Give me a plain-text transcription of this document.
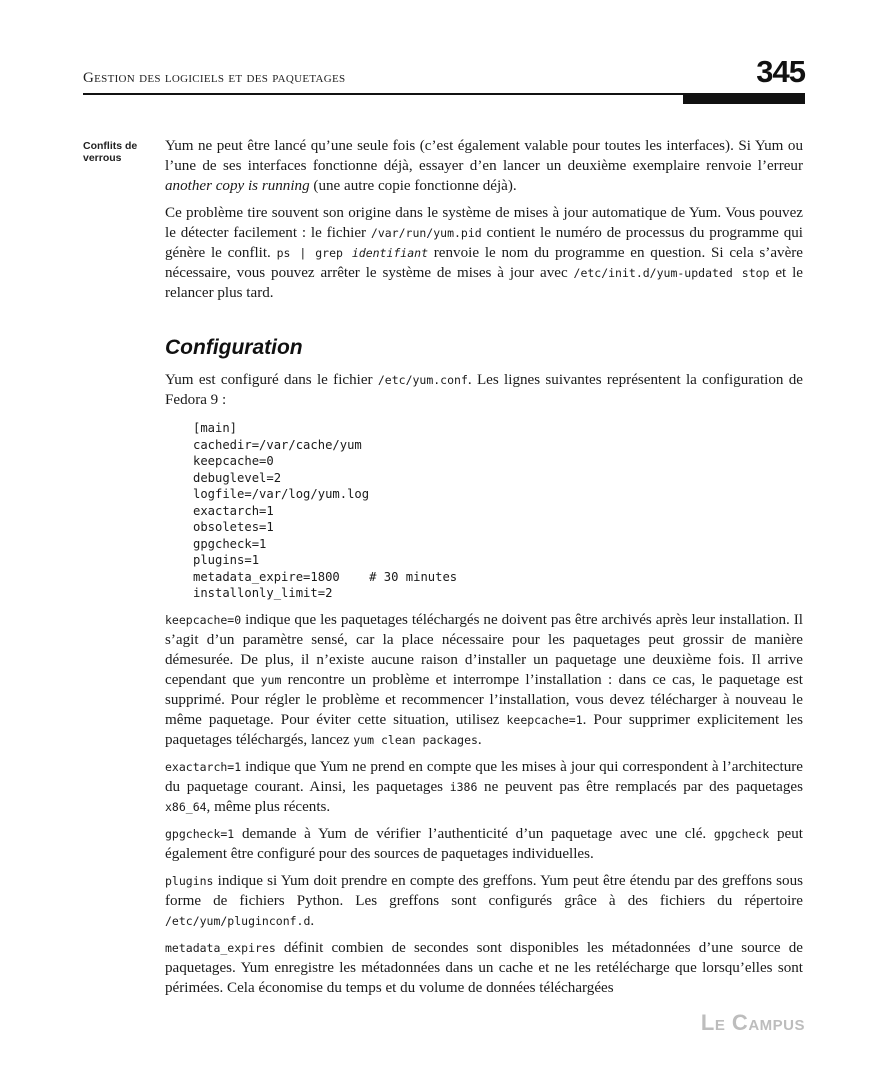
Gestion des logiciels et des paquetages	345
Conflits de verrous

Yum ne peut être lancé qu’une seule fois (c’est également valable pour toutes les interfaces). Si Yum ou l’une de ses interfaces fonctionne déjà, essayer d’en lancer un deuxième exemplaire renvoie l’erreur another copy is running (une autre copie fonctionne déjà).

Ce problème tire souvent son origine dans le système de mises à jour automatique de Yum. Vous pouvez le détecter facilement : le fichier /var/run/yum.pid contient le numéro de processus du programme qui génère le conflit. ps | grep identifiant renvoie le nom du programme en question. Si cela s’avère nécessaire, vous pouvez arrêter le système de mises à jour avec /etc/init.d/yum-updated stop et le relancer plus tard.

Configuration

Yum est configuré dans le fichier /etc/yum.conf. Les lignes suivantes représentent la configuration de Fedora 9 :

[main]
cachedir=/var/cache/yum
keepcache=0
debuglevel=2
logfile=/var/log/yum.log
exactarch=1
obsoletes=1
gpgcheck=1
plugins=1
metadata_expire=1800    # 30 minutes
installonly_limit=2

keepcache=0 indique que les paquetages téléchargés ne doivent pas être archivés après leur installation. Il s’agit d’un paramètre sensé, car la place nécessaire pour les paquetages peut grossir de manière démesurée. De plus, il n’existe aucune raison d’installer un paquetage une deuxième fois. Il arrive cependant que yum rencontre un problème et interrompe l’installation : dans ce cas, le paquetage est supprimé. Pour régler le problème et recommencer l’installation, vous devez télécharger à nouveau le même paquetage. Pour éviter cette situation, utilisez keepcache=1. Pour supprimer explicitement les paquetages téléchargés, lancez yum clean packages.

exactarch=1 indique que Yum ne prend en compte que les mises à jour qui correspondent à l’architecture du paquetage courant. Ainsi, les paquetages i386 ne peuvent pas être remplacés par des paquetages x86_64, même plus récents.

gpgcheck=1 demande à Yum de vérifier l’authenticité d’un paquetage avec une clé. gpgcheck peut également être configuré pour des sources de paquetages individuelles.

plugins indique si Yum doit prendre en compte des greffons. Yum peut être étendu par des greffons sous forme de fichiers Python. Les greffons sont configurés grâce à des fichiers du répertoire /etc/yum/pluginconf.d.

metadata_expires définit combien de secondes sont disponibles les métadonnées d’une source de paquetages. Yum enregistre les métadonnées dans un cache et ne les retélécharge que lorsqu’elles sont périmées. Cela économise du temps et du volume de données téléchargées

Le Campus
